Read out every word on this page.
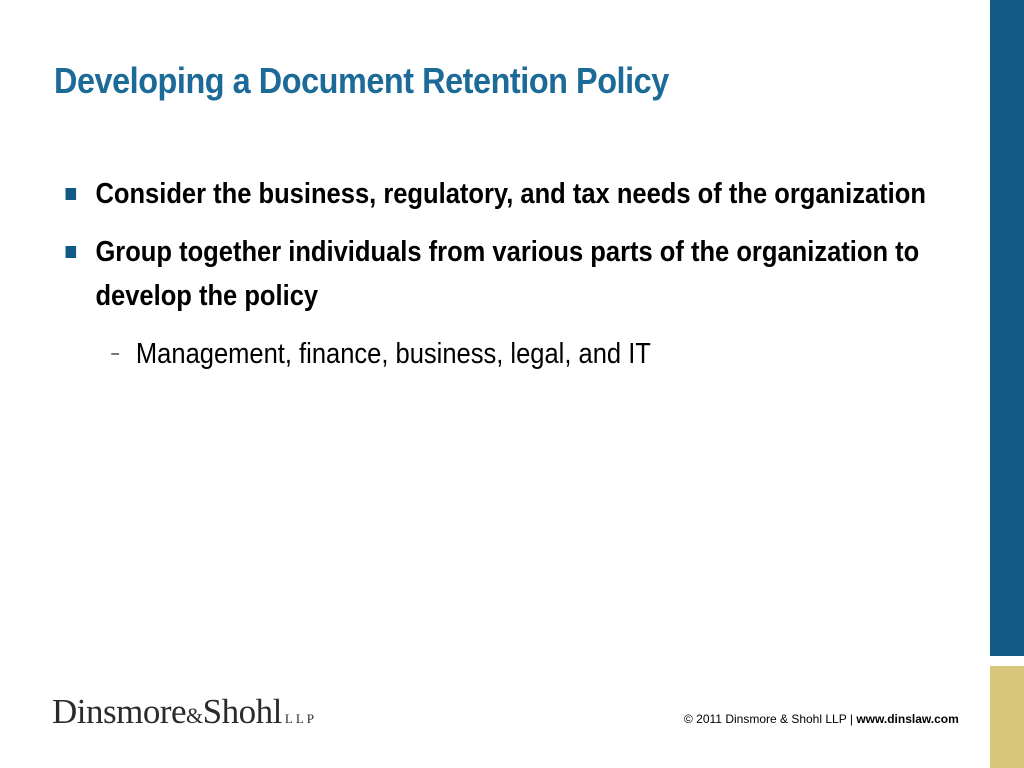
Developing a Document Retention Policy
Consider the business, regulatory, and tax needs of the organization
Group together individuals from various parts of the organization to develop the policy
– Management, finance, business, legal, and IT
Dinsmore&Shohl LLP	© 2011 Dinsmore & Shohl LLP | www.dinslaw.com
